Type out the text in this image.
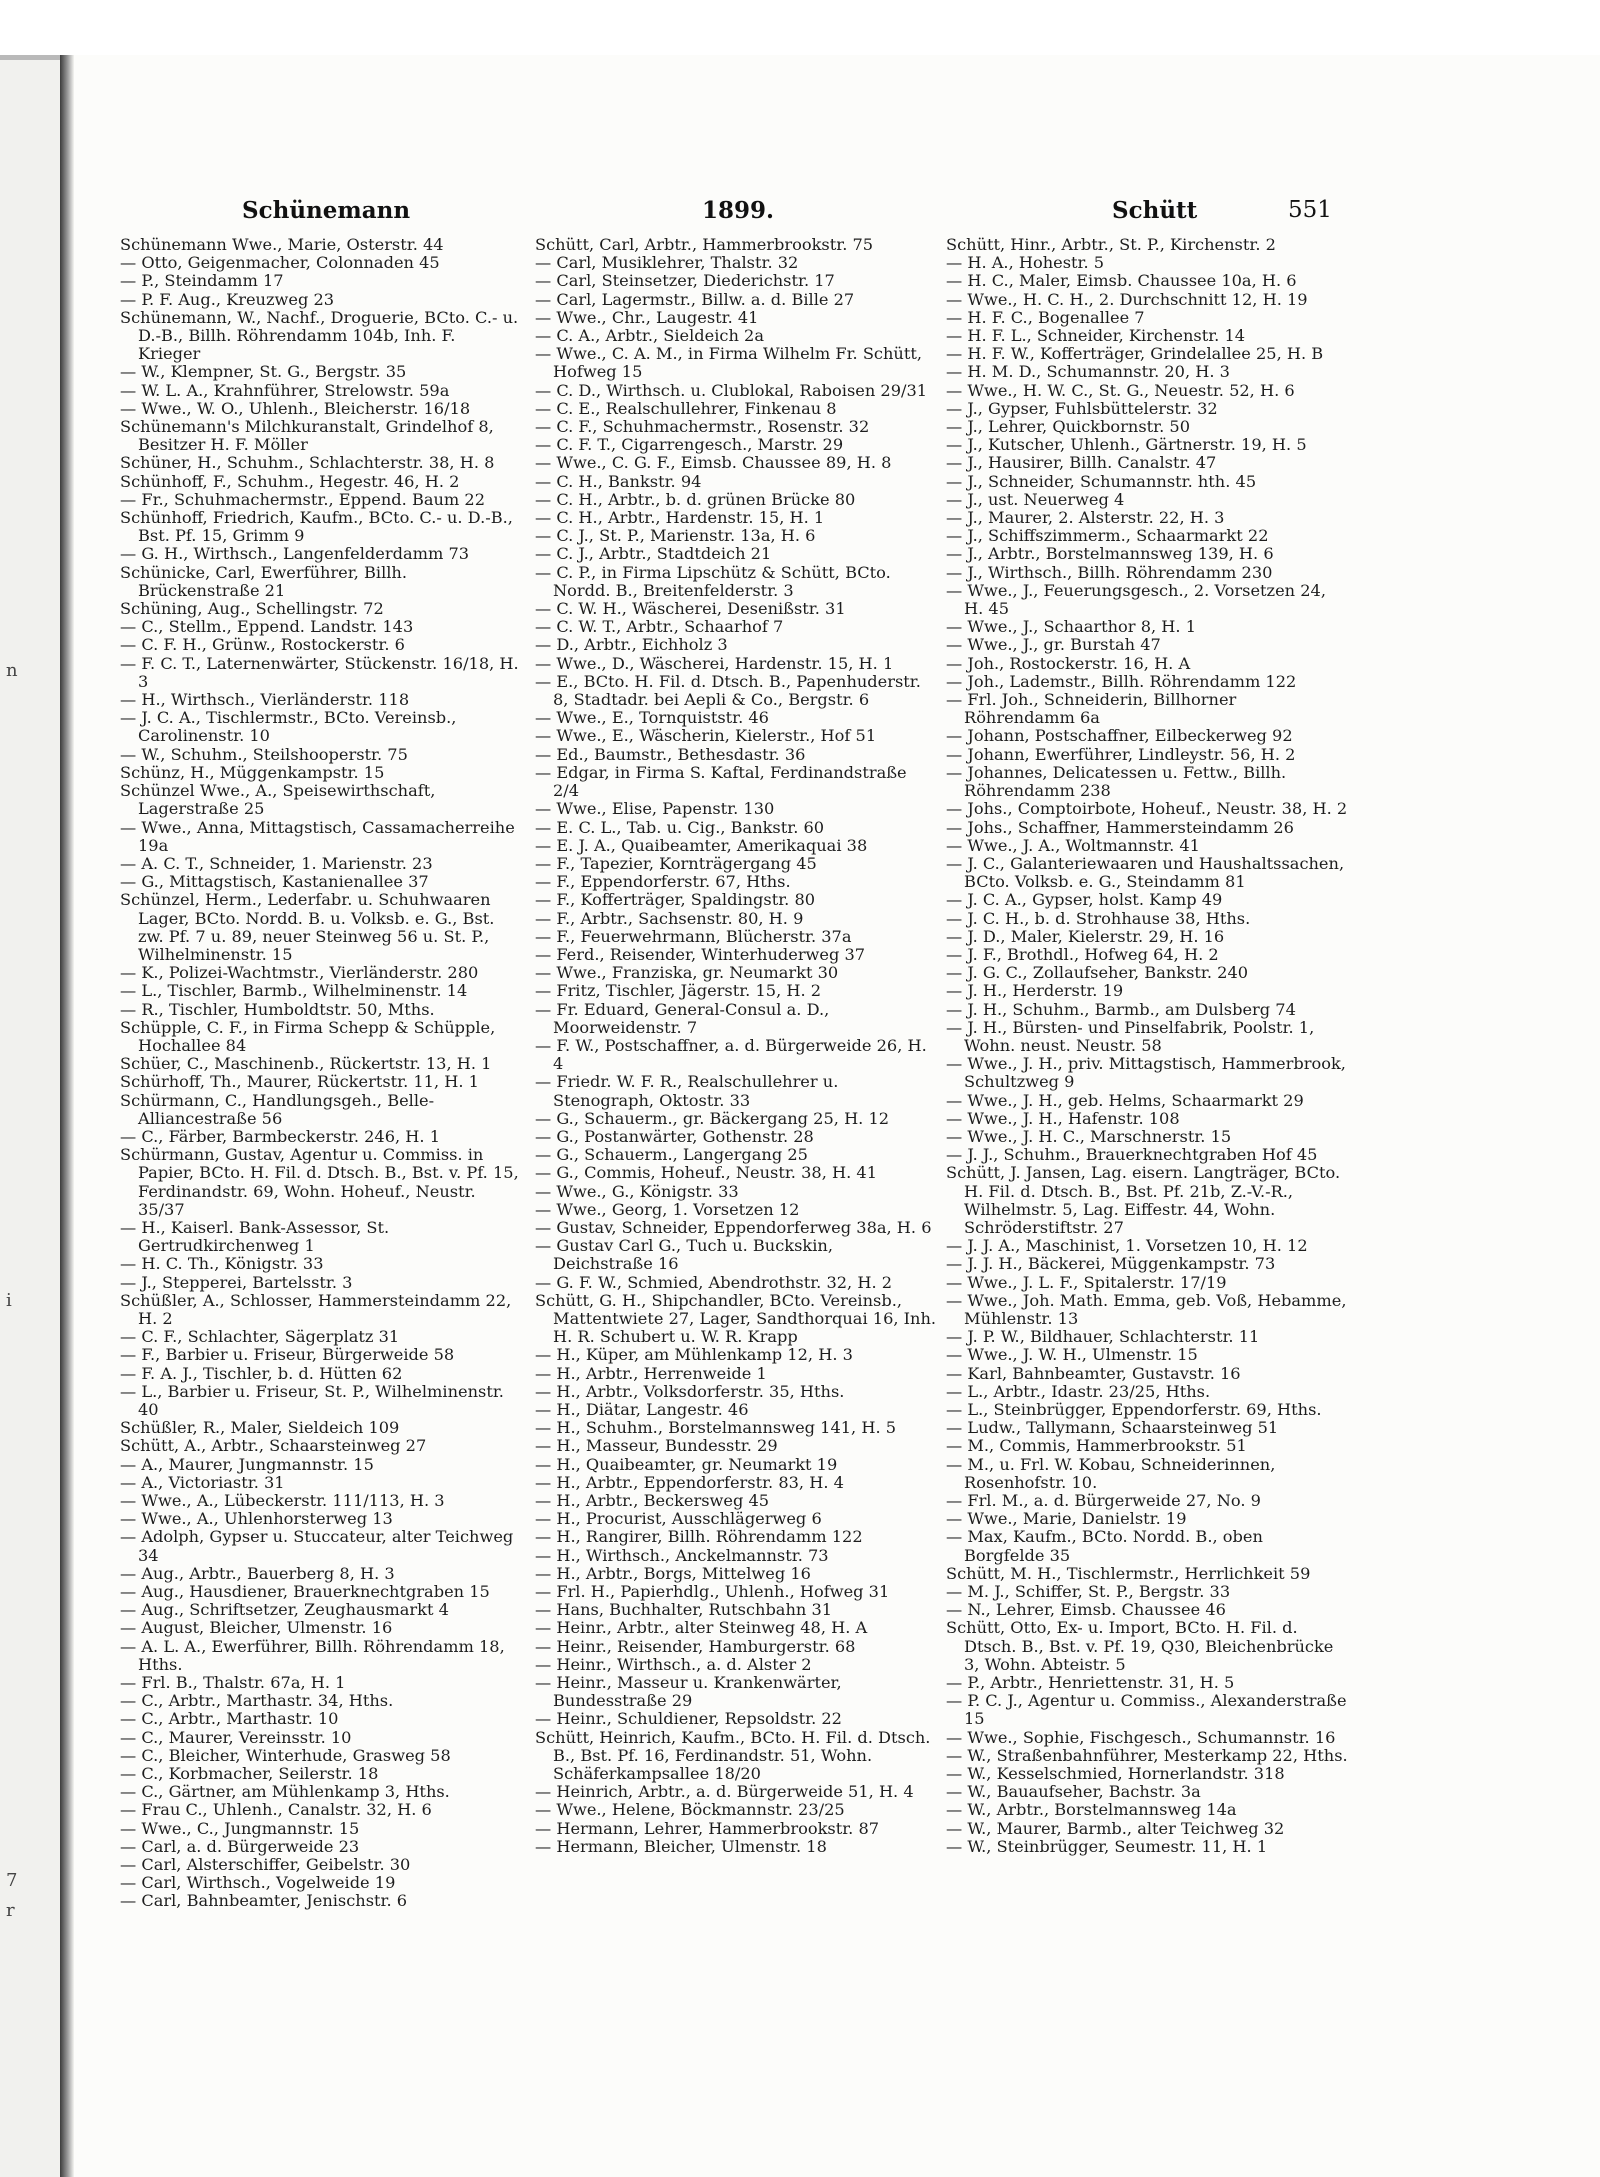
n
i
7
r
Schünemann	1899.	Schütt	551
Schünemann Wwe., Marie, Osterstr. 44
— Otto, Geigenmacher, Colonnaden 45
— P., Steindamm 17
— P. F. Aug., Kreuzweg 23
Schünemann, W., Nachf., Droguerie, BCto. C.- u. D.-B., Billh. Röhrendamm 104b, Inh. F. Krieger
— W., Klempner, St. G., Bergstr. 35
— W. L. A., Krahnführer, Strelowstr. 59a
— Wwe., W. O., Uhlenh., Bleicherstr. 16/18
Schünemann's Milchkuranstalt, Grindelhof 8, Besitzer H. F. Möller
Schüner, H., Schuhm., Schlachterstr. 38, H. 8
Schünhoff, F., Schuhm., Hegestr. 46, H. 2
— Fr., Schuhmachermstr., Eppend. Baum 22
Schünhoff, Friedrich, Kaufm., BCto. C.- u. D.-B., Bst. Pf. 15, Grimm 9
— G. H., Wirthsch., Langenfelderdamm 73
Schünicke, Carl, Ewerführer, Billh. Brückenstraße 21
Schüning, Aug., Schellingstr. 72
— C., Stellm., Eppend. Landstr. 143
— C. F. H., Grünw., Rostockerstr. 6
— F. C. T., Laternenwärter, Stückenstr. 16/18, H. 3
— H., Wirthsch., Vierländerstr. 118
— J. C. A., Tischlermstr., BCto. Vereinsb., Carolinenstr. 10
— W., Schuhm., Steilshooperstr. 75
Schünz, H., Müggenkampstr. 15
Schünzel Wwe., A., Speisewirthschaft, Lagerstraße 25
— Wwe., Anna, Mittagstisch, Cassamacherreihe 19a
— A. C. T., Schneider, 1. Marienstr. 23
— G., Mittagstisch, Kastanienallee 37
Schünzel, Herm., Lederfabr. u. Schuhwaaren Lager, BCto. Nordd. B. u. Volksb. e. G., Bst. zw. Pf. 7 u. 89, neuer Steinweg 56 u. St. P., Wilhelminenstr. 15
— K., Polizei-Wachtmstr., Vierländerstr. 280
— L., Tischler, Barmb., Wilhelminenstr. 14
— R., Tischler, Humboldtstr. 50, Mths.
Schüpple, C. F., in Firma Schepp & Schüpple, Hochallee 84
Schüer, C., Maschinenb., Rückertstr. 13, H. 1
Schürhoff, Th., Maurer, Rückertstr. 11, H. 1
Schürmann, C., Handlungsgeh., Belle-Alliancestraße 56
— C., Färber, Barmbeckerstr. 246, H. 1
Schürmann, Gustav, Agentur u. Commiss. in Papier, BCto. H. Fil. d. Dtsch. B., Bst. v. Pf. 15, Ferdinandstr. 69, Wohn. Hoheuf., Neustr. 35/37
— H., Kaiserl. Bank-Assessor, St. Gertrudkirchenweg 1
— H. C. Th., Königstr. 33
— J., Stepperei, Bartelsstr. 3
Schüßler, A., Schlosser, Hammersteindamm 22, H. 2
— C. F., Schlachter, Sägerplatz 31
— F., Barbier u. Friseur, Bürgerweide 58
— F. A. J., Tischler, b. d. Hütten 62
— L., Barbier u. Friseur, St. P., Wilhelminenstr. 40
Schüßler, R., Maler, Sieldeich 109
Schütt, A., Arbtr., Schaarsteinweg 27
— A., Maurer, Jungmannstr. 15
— A., Victoriastr. 31
— Wwe., A., Lübeckerstr. 111/113, H. 3
— Wwe., A., Uhlenhorsterweg 13
— Adolph, Gypser u. Stuccateur, alter Teichweg 34
— Aug., Arbtr., Bauerberg 8, H. 3
— Aug., Hausdiener, Brauerknechtgraben 15
— Aug., Schriftsetzer, Zeughausmarkt 4
— August, Bleicher, Ulmenstr. 16
— A. L. A., Ewerführer, Billh. Röhrendamm 18, Hths.
— Frl. B., Thalstr. 67a, H. 1
— C., Arbtr., Marthastr. 34, Hths.
— C., Arbtr., Marthastr. 10
— C., Maurer, Vereinsstr. 10
— C., Bleicher, Winterhude, Grasweg 58
— C., Korbmacher, Seilerstr. 18
— C., Gärtner, am Mühlenkamp 3, Hths.
— Frau C., Uhlenh., Canalstr. 32, H. 6
— Wwe., C., Jungmannstr. 15
— Carl, a. d. Bürgerweide 23
— Carl, Alsterschiffer, Geibelstr. 30
— Carl, Wirthsch., Vogelweide 19
— Carl, Bahnbeamter, Jenischstr. 6
Schütt, Carl, Arbtr., Hammerbrookstr. 75
— Carl, Musiklehrer, Thalstr. 32
— Carl, Steinsetzer, Diederichstr. 17
— Carl, Lagermstr., Billw. a. d. Bille 27
— Wwe., Chr., Laugestr. 41
— C. A., Arbtr., Sieldeich 2a
— Wwe., C. A. M., in Firma Wilhelm Fr. Schütt, Hofweg 15
— C. D., Wirthsch. u. Clublokal, Raboisen 29/31
— C. E., Realschullehrer, Finkenau 8
— C. F., Schuhmachermstr., Rosenstr. 32
— C. F. T., Cigarrengesch., Marstr. 29
— Wwe., C. G. F., Eimsb. Chaussee 89, H. 8
— C. H., Bankstr. 94
— C. H., Arbtr., b. d. grünen Brücke 80
— C. H., Arbtr., Hardenstr. 15, H. 1
— C. J., St. P., Marienstr. 13a, H. 6
— C. J., Arbtr., Stadtdeich 21
— C. P., in Firma Lipschütz & Schütt, BCto. Nordd. B., Breitenfelderstr. 3
— C. W. H., Wäscherei, Desenißstr. 31
— C. W. T., Arbtr., Schaarhof 7
— D., Arbtr., Eichholz 3
— Wwe., D., Wäscherei, Hardenstr. 15, H. 1
— E., BCto. H. Fil. d. Dtsch. B., Papenhuderstr. 8, Stadtadr. bei Aepli & Co., Bergstr. 6
— Wwe., E., Tornquiststr. 46
— Wwe., E., Wäscherin, Kielerstr., Hof 51
— Ed., Baumstr., Bethesdastr. 36
— Edgar, in Firma S. Kaftal, Ferdinandstraße 2/4
— Wwe., Elise, Papenstr. 130
— E. C. L., Tab. u. Cig., Bankstr. 60
— E. J. A., Quaibeamter, Amerikaquai 38
— F., Tapezier, Kornträgergang 45
— F., Eppendorferstr. 67, Hths.
— F., Kofferträger, Spaldingstr. 80
— F., Arbtr., Sachsenstr. 80, H. 9
— F., Feuerwehrmann, Blücherstr. 37a
— Ferd., Reisender, Winterhuderweg 37
— Wwe., Franziska, gr. Neumarkt 30
— Fritz, Tischler, Jägerstr. 15, H. 2
— Fr. Eduard, General-Consul a. D., Moorweidenstr. 7
— F. W., Postschaffner, a. d. Bürgerweide 26, H. 4
— Friedr. W. F. R., Realschullehrer u. Stenograph, Oktostr. 33
— G., Schauerm., gr. Bäckergang 25, H. 12
— G., Postanwärter, Gothenstr. 28
— G., Schauerm., Langergang 25
— G., Commis, Hoheuf., Neustr. 38, H. 41
— Wwe., G., Königstr. 33
— Wwe., Georg, 1. Vorsetzen 12
— Gustav, Schneider, Eppendorferweg 38a, H. 6
— Gustav Carl G., Tuch u. Buckskin, Deichstraße 16
— G. F. W., Schmied, Abendrothstr. 32, H. 2
Schütt, G. H., Shipchandler, BCto. Vereinsb., Mattentwiete 27, Lager, Sandthorquai 16, Inh. H. R. Schubert u. W. R. Krapp
— H., Küper, am Mühlenkamp 12, H. 3
— H., Arbtr., Herrenweide 1
— H., Arbtr., Volksdorferstr. 35, Hths.
— H., Diätar, Langestr. 46
— H., Schuhm., Borstelmannsweg 141, H. 5
— H., Masseur, Bundesstr. 29
— H., Quaibeamter, gr. Neumarkt 19
— H., Arbtr., Eppendorferstr. 83, H. 4
— H., Arbtr., Beckersweg 45
— H., Procurist, Ausschlägerweg 6
— H., Rangirer, Billh. Röhrendamm 122
— H., Wirthsch., Anckelmannstr. 73
— H., Arbtr., Borgs, Mittelweg 16
— Frl. H., Papierhdlg., Uhlenh., Hofweg 31
— Hans, Buchhalter, Rutschbahn 31
— Heinr., Arbtr., alter Steinweg 48, H. A
— Heinr., Reisender, Hamburgerstr. 68
— Heinr., Wirthsch., a. d. Alster 2
— Heinr., Masseur u. Krankenwärter, Bundesstraße 29
— Heinr., Schuldiener, Repsoldstr. 22
Schütt, Heinrich, Kaufm., BCto. H. Fil. d. Dtsch. B., Bst. Pf. 16, Ferdinandstr. 51, Wohn. Schäferkampsallee 18/20
— Heinrich, Arbtr., a. d. Bürgerweide 51, H. 4
— Wwe., Helene, Böckmannstr. 23/25
— Hermann, Lehrer, Hammerbrookstr. 87
— Hermann, Bleicher, Ulmenstr. 18
Schütt, Hinr., Arbtr., St. P., Kirchenstr. 2
— H. A., Hohestr. 5
— H. C., Maler, Eimsb. Chaussee 10a, H. 6
— Wwe., H. C. H., 2. Durchschnitt 12, H. 19
— H. F. C., Bogenallee 7
— H. F. L., Schneider, Kirchenstr. 14
— H. F. W., Kofferträger, Grindelallee 25, H. B
— H. M. D., Schumannstr. 20, H. 3
— Wwe., H. W. C., St. G., Neuestr. 52, H. 6
— J., Gypser, Fuhlsbüttelerstr. 32
— J., Lehrer, Quickbornstr. 50
— J., Kutscher, Uhlenh., Gärtnerstr. 19, H. 5
— J., Hausirer, Billh. Canalstr. 47
— J., Schneider, Schumannstr. hth. 45
— J., ust. Neuerweg 4
— J., Maurer, 2. Alsterstr. 22, H. 3
— J., Schiffszimmerm., Schaarmarkt 22
— J., Arbtr., Borstelmannsweg 139, H. 6
— J., Wirthsch., Billh. Röhrendamm 230
— Wwe., J., Feuerungsgesch., 2. Vorsetzen 24, H. 45
— Wwe., J., Schaarthor 8, H. 1
— Wwe., J., gr. Burstah 47
— Joh., Rostockerstr. 16, H. A
— Joh., Lademstr., Billh. Röhrendamm 122
— Frl. Joh., Schneiderin, Billhorner Röhrendamm 6a
— Johann, Postschaffner, Eilbeckerweg 92
— Johann, Ewerführer, Lindleystr. 56, H. 2
— Johannes, Delicatessen u. Fettw., Billh. Röhrendamm 238
— Johs., Comptoirbote, Hoheuf., Neustr. 38, H. 2
— Johs., Schaffner, Hammersteindamm 26
— Wwe., J. A., Woltmannstr. 41
— J. C., Galanteriewaaren und Haushaltssachen, BCto. Volksb. e. G., Steindamm 81
— J. C. A., Gypser, holst. Kamp 49
— J. C. H., b. d. Strohhause 38, Hths.
— J. D., Maler, Kielerstr. 29, H. 16
— J. F., Brothdl., Hofweg 64, H. 2
— J. G. C., Zollaufseher, Bankstr. 240
— J. H., Herderstr. 19
— J. H., Schuhm., Barmb., am Dulsberg 74
— J. H., Bürsten- und Pinselfabrik, Poolstr. 1, Wohn. neust. Neustr. 58
— Wwe., J. H., priv. Mittagstisch, Hammerbrook, Schultzweg 9
— Wwe., J. H., geb. Helms, Schaarmarkt 29
— Wwe., J. H., Hafenstr. 108
— Wwe., J. H. C., Marschnerstr. 15
— J. J., Schuhm., Brauerknechtgraben Hof 45
Schütt, J. Jansen, Lag. eisern. Langträger, BCto. H. Fil. d. Dtsch. B., Bst. Pf. 21b, Z.-V.-R., Wilhelmstr. 5, Lag. Eiffestr. 44, Wohn. Schröderstiftstr. 27
— J. J. A., Maschinist, 1. Vorsetzen 10, H. 12
— J. J. H., Bäckerei, Müggenkampstr. 73
— Wwe., J. L. F., Spitalerstr. 17/19
— Wwe., Joh. Math. Emma, geb. Voß, Hebamme, Mühlenstr. 13
— J. P. W., Bildhauer, Schlachterstr. 11
— Wwe., J. W. H., Ulmenstr. 15
— Karl, Bahnbeamter, Gustavstr. 16
— L., Arbtr., Idastr. 23/25, Hths.
— L., Steinbrügger, Eppendorferstr. 69, Hths.
— Ludw., Tallymann, Schaarsteinweg 51
— M., Commis, Hammerbrookstr. 51
— M., u. Frl. W. Kobau, Schneiderinnen, Rosenhofstr. 10.
— Frl. M., a. d. Bürgerweide 27, No. 9
— Wwe., Marie, Danielstr. 19
— Max, Kaufm., BCto. Nordd. B., oben Borgfelde 35
Schütt, M. H., Tischlermstr., Herrlichkeit 59
— M. J., Schiffer, St. P., Bergstr. 33
— N., Lehrer, Eimsb. Chaussee 46
Schütt, Otto, Ex- u. Import, BCto. H. Fil. d. Dtsch. B., Bst. v. Pf. 19, Q30, Bleichenbrücke 3, Wohn. Abteistr. 5
— P., Arbtr., Henriettenstr. 31, H. 5
— P. C. J., Agentur u. Commiss., Alexanderstraße 15
— Wwe., Sophie, Fischgesch., Schumannstr. 16
— W., Straßenbahnführer, Mesterkamp 22, Hths.
— W., Kesselschmied, Hornerlandstr. 318
— W., Bauaufseher, Bachstr. 3a
— W., Arbtr., Borstelmannsweg 14a
— W., Maurer, Barmb., alter Teichweg 32
— W., Steinbrügger, Seumestr. 11, H. 1
